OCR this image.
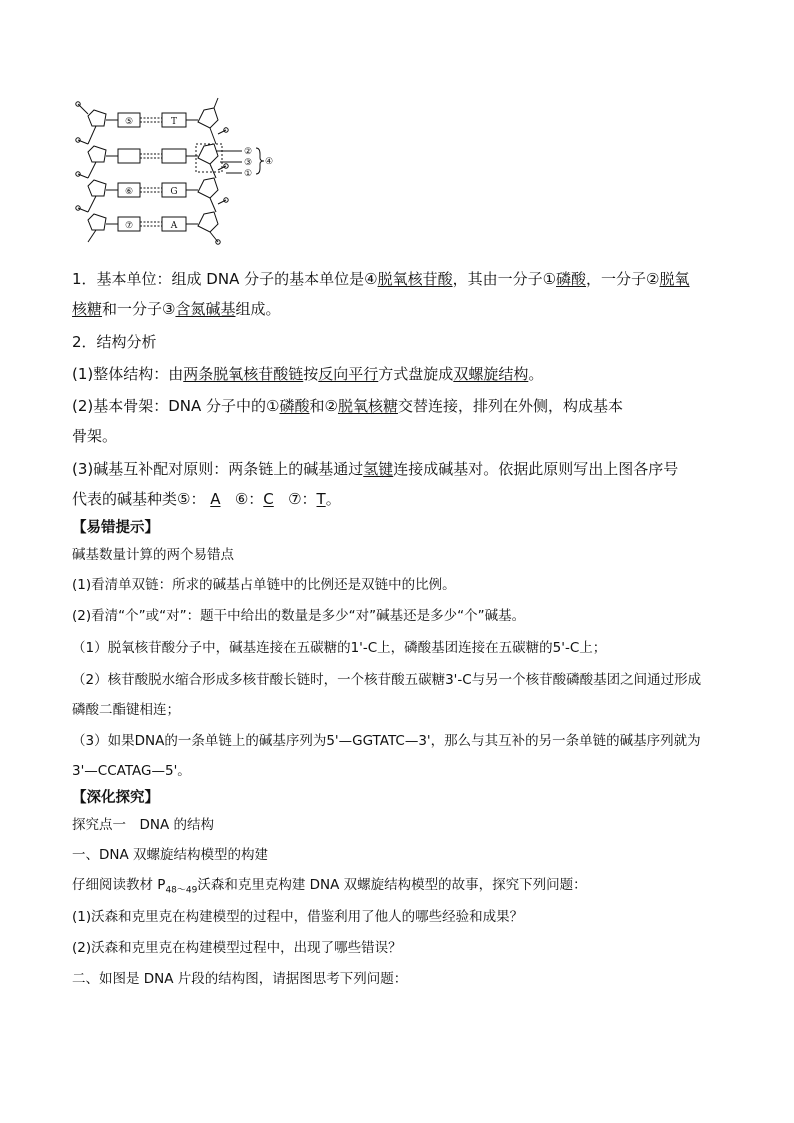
⑤
⑥
⑦
T
G
A
②
③
①
④
1．基本单位：组成 DNA 分子的基本单位是④脱氧核苷酸，其由一分子①磷酸，一分子②脱氧
核糖和一分子③含氮碱基组成。
2．结构分析
(1)整体结构：由两条脱氧核苷酸链按反向平行方式盘旋成双螺旋结构。
(2)基本骨架：DNA 分子中的①磷酸和②脱氧核糖交替连接，排列在外侧，构成基本
骨架。
(3)碱基互补配对原则：两条链上的碱基通过氢键连接成碱基对。依据此原则写出上图各序号
代表的碱基种类⑤： A ⑥：C ⑦：T。
【易错提示】
碱基数量计算的两个易错点
(1)看清单双链：所求的碱基占单链中的比例还是双链中的比例。
(2)看清“个”或“对”：题干中给出的数量是多少“对”碱基还是多少“个”碱基。
（1）脱氧核苷酸分子中，碱基连接在五碳糖的1'-C上，磷酸基团连接在五碳糖的5'-C上；
（2）核苷酸脱水缩合形成多核苷酸长链时，一个核苷酸五碳糖3'-C与另一个核苷酸磷酸基团之间通过形成
磷酸二酯键相连；
（3）如果DNA的一条单链上的碱基序列为5'—GGTATC—3'，那么与其互补的另一条单链的碱基序列就为
3'—CCATAG—5'。
【深化探究】
探究点一　DNA 的结构
一、DNA 双螺旋结构模型的构建
仔细阅读教材 $P_{48\sim 49}$沃森和克里克构建 DNA 双螺旋结构模型的故事，探究下列问题：
(1)沃森和克里克在构建模型的过程中，借鉴利用了他人的哪些经验和成果？
(2)沃森和克里克在构建模型过程中，出现了哪些错误？
二、如图是 DNA 片段的结构图，请据图思考下列问题：
